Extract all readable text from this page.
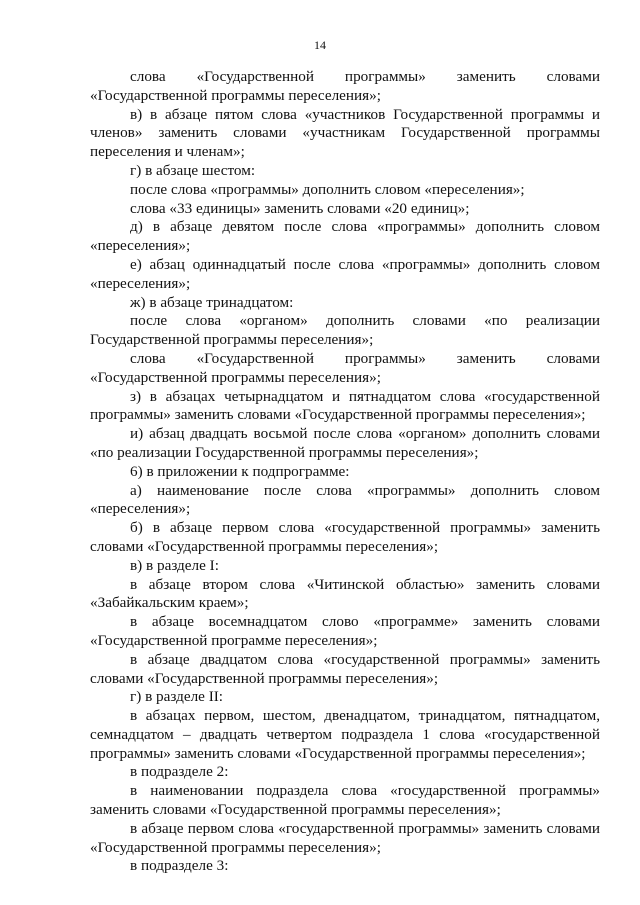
14

слова «Государственной программы» заменить словами «Государственной программы переселения»;

в) в абзаце пятом слова «участников Государственной программы и членов» заменить словами «участникам Государственной программы переселения и членам»;

г) в абзаце шестом:

после слова «программы» дополнить словом «переселения»;

слова «33 единицы» заменить словами «20 единиц»;

д) в абзаце девятом после слова «программы» дополнить словом «переселения»;

е) абзац одиннадцатый после слова «программы» дополнить словом «переселения»;

ж) в абзаце тринадцатом:

после слова «органом» дополнить словами «по реализации Государственной программы переселения»;

слова «Государственной программы» заменить словами «Государственной программы переселения»;

з) в абзацах четырнадцатом и пятнадцатом слова «государственной программы» заменить словами «Государственной программы переселения»;

и) абзац двадцать восьмой после слова «органом» дополнить словами «по реализации Государственной программы переселения»;

6) в приложении к подпрограмме:

а) наименование после слова «программы» дополнить словом «переселения»;

б) в абзаце первом слова «государственной программы» заменить словами «Государственной программы переселения»;

в) в разделе I:

в абзаце втором слова «Читинской областью» заменить словами «Забайкальским краем»;

в абзаце восемнадцатом слово «программе» заменить словами «Государственной программе переселения»;

в абзаце двадцатом слова «государственной программы» заменить словами «Государственной программы переселения»;

г) в разделе II:

в абзацах первом, шестом, двенадцатом, тринадцатом, пятнадцатом, семнадцатом – двадцать четвертом подраздела 1 слова «государственной программы» заменить словами «Государственной программы переселения»;

в подразделе 2:

в наименовании подраздела слова «государственной программы» заменить словами «Государственной программы переселения»;

в абзаце первом слова «государственной программы» заменить словами «Государственной программы переселения»;

в подразделе 3:
